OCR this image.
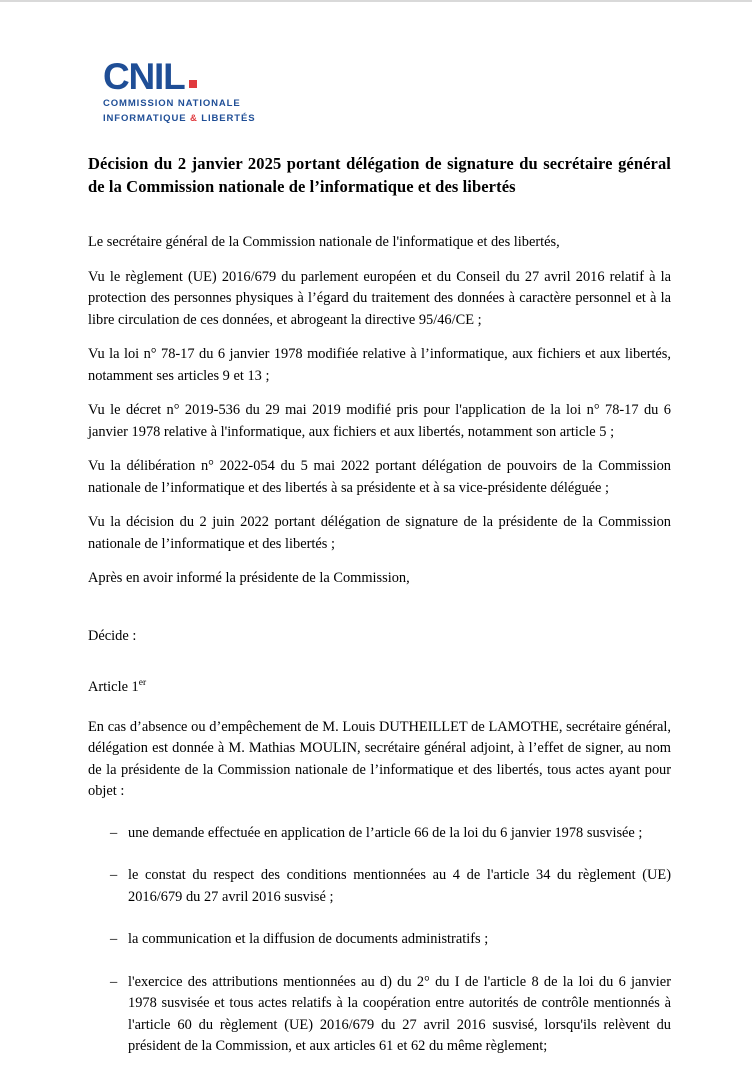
CNIL
COMMISSION NATIONALE
INFORMATIQUE & LIBERTÉS
Décision du 2 janvier 2025 portant délégation de signature du secrétaire général de la Commission nationale de l’informatique et des libertés

Le secrétaire général de la Commission nationale de l'informatique et des libertés,

Vu le règlement (UE) 2016/679 du parlement européen et du Conseil du 27 avril 2016 relatif à la protection des personnes physiques à l’égard du traitement des données à caractère personnel et à la libre circulation de ces données, et abrogeant la directive 95/46/CE ;

Vu la loi n° 78-17 du 6 janvier 1978 modifiée relative à l’informatique, aux fichiers et aux libertés, notamment ses articles 9 et 13 ;

Vu le décret n° 2019-536 du 29 mai 2019 modifié pris pour l'application de la loi n° 78-17 du 6 janvier 1978 relative à l'informatique, aux fichiers et aux libertés, notamment son article 5 ;

Vu la délibération n° 2022-054 du 5 mai 2022 portant délégation de pouvoirs de la Commission nationale de l’informatique et des libertés à sa présidente et à sa vice-présidente déléguée ;

Vu la décision du 2 juin 2022 portant délégation de signature de la présidente de la Commission nationale de l’informatique et des libertés ;

Après en avoir informé la présidente de la Commission,

Décide :

Article 1er

En cas d’absence ou d’empêchement de M. Louis DUTHEILLET de LAMOTHE, secrétaire général, délégation est donnée à M. Mathias MOULIN, secrétaire général adjoint, à l’effet de signer, au nom de la présidente de la Commission nationale de l’informatique et des libertés, tous actes ayant pour objet :

– une demande effectuée en application de l’article 66 de la loi du 6 janvier 1978 susvisée ;
– le constat du respect des conditions mentionnées au 4 de l'article 34 du règlement (UE) 2016/679 du 27 avril 2016 susvisé ;
– la communication et la diffusion de documents administratifs ;
– l'exercice des attributions mentionnées au d) du 2° du I de l'article 8 de la loi du 6 janvier 1978 susvisée et tous actes relatifs à la coopération entre autorités de contrôle mentionnés à l'article 60 du règlement (UE) 2016/679 du 27 avril 2016 susvisé, lorsqu'ils relèvent du président de la Commission, et aux articles 61 et 62 du même règlement;
